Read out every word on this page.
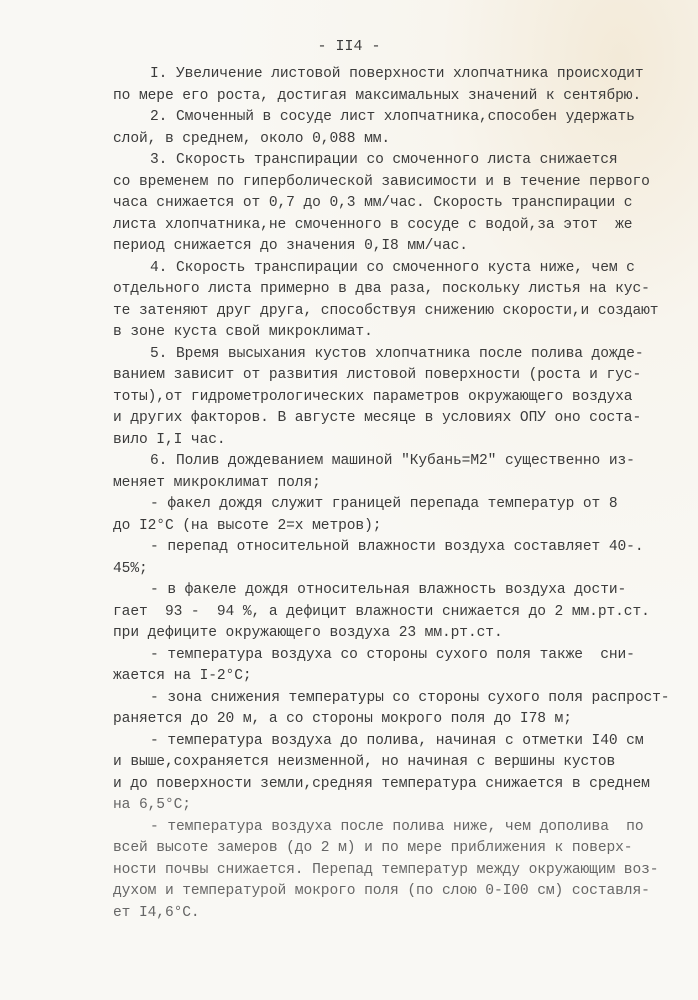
- II4 -
I. Увеличение листовой поверхности хлопчатника происходит
по мере его роста, достигая максимальных значений к сентябрю.
2. Смоченный в сосуде лист хлопчатника,способен удержать
слой, в среднем, около 0,088 мм.
3. Скорость транспирации со смоченного листа снижается
со временем по гиперболической зависимости и в течение первого
часа снижается от 0,7 до 0,3 мм/час. Скорость транспирации с
листа хлопчатника,не смоченного в сосуде с водой,за этот  же
период снижается до значения 0,I8 мм/час.
4. Скорость транспирации со смоченного куста ниже, чем с
отдельного листа примерно в два раза, поскольку листья на кус-
те затеняют друг друга, способствуя снижению скорости,и создают
в зоне куста свой микроклимат.
5. Время высыхания кустов хлопчатника после полива дожде-
ванием зависит от развития листовой поверхности (роста и гус-
тоты),от гидрометрологических параметров окружающего воздуха
и других факторов. В августе месяце в условиях ОПУ оно соста-
вило I,I час.
6. Полив дождеванием машиной "Кубань=М2" существенно из-
меняет микроклимат поля;
- факел дождя служит границей перепада температур от 8
до I2°С (на высоте 2=х метров);
- перепад относительной влажности воздуха составляет 40-.
45%;
- в факеле дождя относительная влажность воздуха дости-
гает  93 -  94 %, а дефицит влажности снижается до 2 мм.рт.ст.
при дефиците окружающего воздуха 23 мм.рт.ст.
- температура воздуха со стороны сухого поля также  сни-
жается на I-2°С;
- зона снижения температуры со стороны сухого поля распрост-
раняется до 20 м, а со стороны мокрого поля до I78 м;
- температура воздуха до полива, начиная с отметки I40 см
и выше,сохраняется неизменной, но начиная с вершины кустов
и до поверхности земли,средняя температура снижается в среднем
на 6,5°С;
- температура воздуха после полива ниже, чем дополива  по
всей высоте замеров (до 2 м) и по мере приближения к поверх-
ности почвы снижается. Перепад температур между окружающим воз-
духом и температурой мокрого поля (по слою 0-I00 см) составля-
ет I4,6°С.
